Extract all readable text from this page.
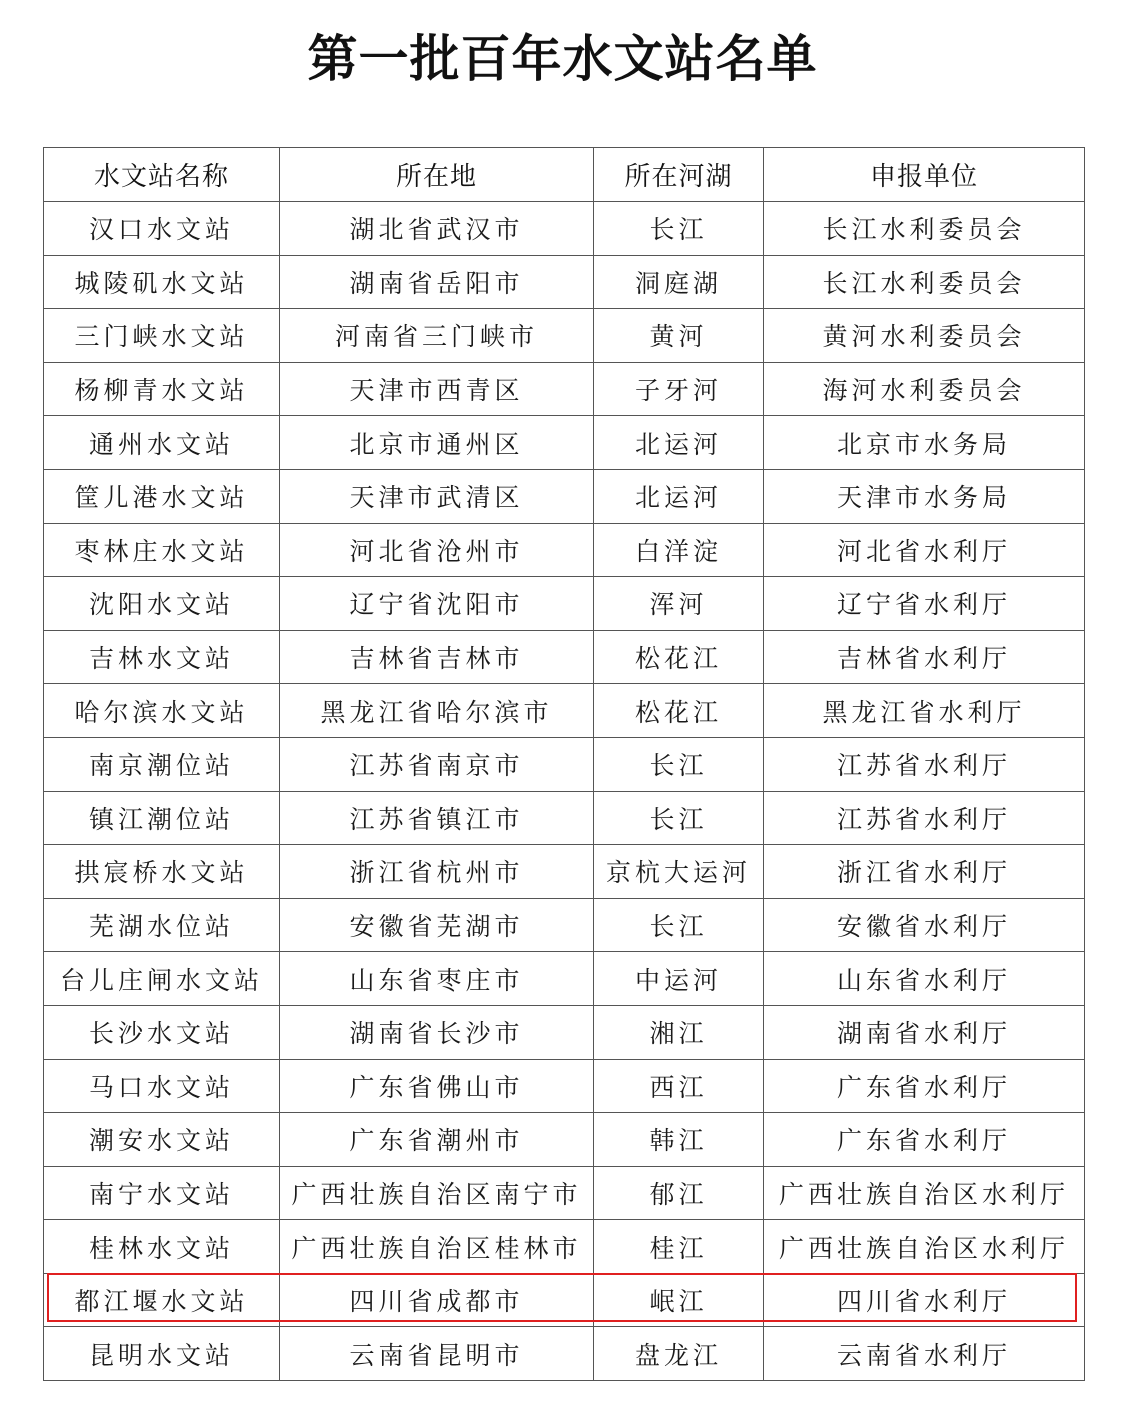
第一批百年水文站名单
水文站名称	所在地	所在河湖	申报单位
汉口水文站	湖北省武汉市	长江	长江水利委员会
城陵矶水文站	湖南省岳阳市	洞庭湖	长江水利委员会
三门峡水文站	河南省三门峡市	黄河	黄河水利委员会
杨柳青水文站	天津市西青区	子牙河	海河水利委员会
通州水文站	北京市通州区	北运河	北京市水务局
筐儿港水文站	天津市武清区	北运河	天津市水务局
枣林庄水文站	河北省沧州市	白洋淀	河北省水利厅
沈阳水文站	辽宁省沈阳市	浑河	辽宁省水利厅
吉林水文站	吉林省吉林市	松花江	吉林省水利厅
哈尔滨水文站	黑龙江省哈尔滨市	松花江	黑龙江省水利厅
南京潮位站	江苏省南京市	长江	江苏省水利厅
镇江潮位站	江苏省镇江市	长江	江苏省水利厅
拱宸桥水文站	浙江省杭州市	京杭大运河	浙江省水利厅
芜湖水位站	安徽省芜湖市	长江	安徽省水利厅
台儿庄闸水文站	山东省枣庄市	中运河	山东省水利厅
长沙水文站	湖南省长沙市	湘江	湖南省水利厅
马口水文站	广东省佛山市	西江	广东省水利厅
潮安水文站	广东省潮州市	韩江	广东省水利厅
南宁水文站	广西壮族自治区南宁市	郁江	广西壮族自治区水利厅
桂林水文站	广西壮族自治区桂林市	桂江	广西壮族自治区水利厅
都江堰水文站	四川省成都市	岷江	四川省水利厅
昆明水文站	云南省昆明市	盘龙江	云南省水利厅
